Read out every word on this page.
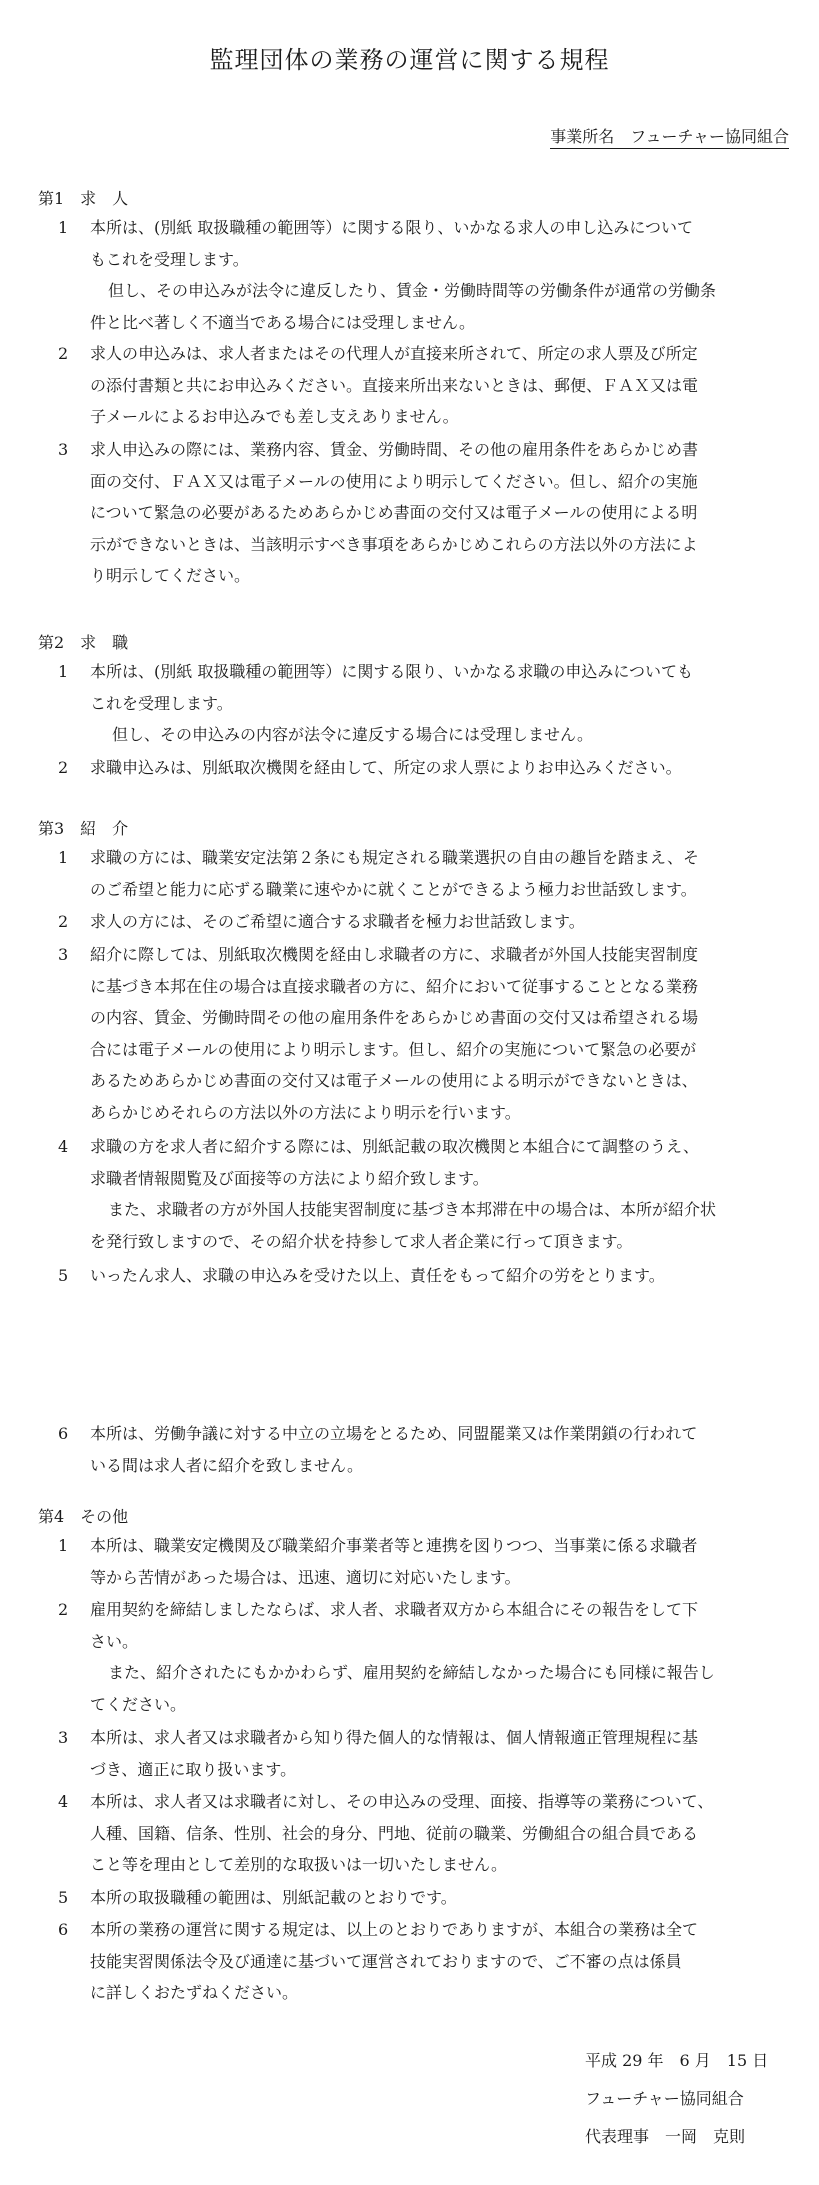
監理団体の業務の運営に関する規程
事業所名　フューチャー協同組合
第1　求　人
1 本所は、(別紙 取扱職種の範囲等）に関する限り、いかなる求人の申し込みについて
もこれを受理します。
但し、その申込みが法令に違反したり、賃金・労働時間等の労働条件が通常の労働条
件と比べ著しく不適当である場合には受理しません。
2 求人の申込みは、求人者またはその代理人が直接来所されて、所定の求人票及び所定
の添付書類と共にお申込みください。直接来所出来ないときは、郵便、ＦＡＸ又は電
子メールによるお申込みでも差し支えありません。
3 求人申込みの際には、業務内容、賃金、労働時間、その他の雇用条件をあらかじめ書
面の交付、ＦＡＸ又は電子メールの使用により明示してください。但し、紹介の実施
について緊急の必要があるためあらかじめ書面の交付又は電子メールの使用による明
示ができないときは、当該明示すべき事項をあらかじめこれらの方法以外の方法によ
り明示してください。
第2　求　職
1 本所は、(別紙 取扱職種の範囲等）に関する限り、いかなる求職の申込みについても
これを受理します。
但し、その申込みの内容が法令に違反する場合には受理しません。
2 求職申込みは、別紙取次機関を経由して、所定の求人票によりお申込みください。
第3　紹　介
1 求職の方には、職業安定法第２条にも規定される職業選択の自由の趣旨を踏まえ、そ
のご希望と能力に応ずる職業に速やかに就くことができるよう極力お世話致します。
2 求人の方には、そのご希望に適合する求職者を極力お世話致します。
3 紹介に際しては、別紙取次機関を経由し求職者の方に、求職者が外国人技能実習制度
に基づき本邦在住の場合は直接求職者の方に、紹介において従事することとなる業務
の内容、賃金、労働時間その他の雇用条件をあらかじめ書面の交付又は希望される場
合には電子メールの使用により明示します。但し、紹介の実施について緊急の必要が
あるためあらかじめ書面の交付又は電子メールの使用による明示ができないときは、
あらかじめそれらの方法以外の方法により明示を行います。
4 求職の方を求人者に紹介する際には、別紙記載の取次機関と本組合にて調整のうえ、
求職者情報閲覧及び面接等の方法により紹介致します。
また、求職者の方が外国人技能実習制度に基づき本邦滞在中の場合は、本所が紹介状
を発行致しますので、その紹介状を持参して求人者企業に行って頂きます。
5 いったん求人、求職の申込みを受けた以上、責任をもって紹介の労をとります。
6 本所は、労働争議に対する中立の立場をとるため、同盟罷業又は作業閉鎖の行われて
いる間は求人者に紹介を致しません。
第4　その他
1 本所は、職業安定機関及び職業紹介事業者等と連携を図りつつ、当事業に係る求職者
等から苦情があった場合は、迅速、適切に対応いたします。
2 雇用契約を締結しましたならば、求人者、求職者双方から本組合にその報告をして下
さい。
また、紹介されたにもかかわらず、雇用契約を締結しなかった場合にも同様に報告し
てください。
3 本所は、求人者又は求職者から知り得た個人的な情報は、個人情報適正管理規程に基
づき、適正に取り扱います。
4 本所は、求人者又は求職者に対し、その申込みの受理、面接、指導等の業務について、
人種、国籍、信条、性別、社会的身分、門地、従前の職業、労働組合の組合員である
こと等を理由として差別的な取扱いは一切いたしません。
5 本所の取扱職種の範囲は、別紙記載のとおりです。
6 本所の業務の運営に関する規定は、以上のとおりでありますが、本組合の業務は全て
技能実習関係法令及び通達に基づいて運営されておりますので、ご不審の点は係員
に詳しくおたずねください。
平成 29 年　6 月　15 日
フューチャー協同組合
代表理事　一岡　克則
